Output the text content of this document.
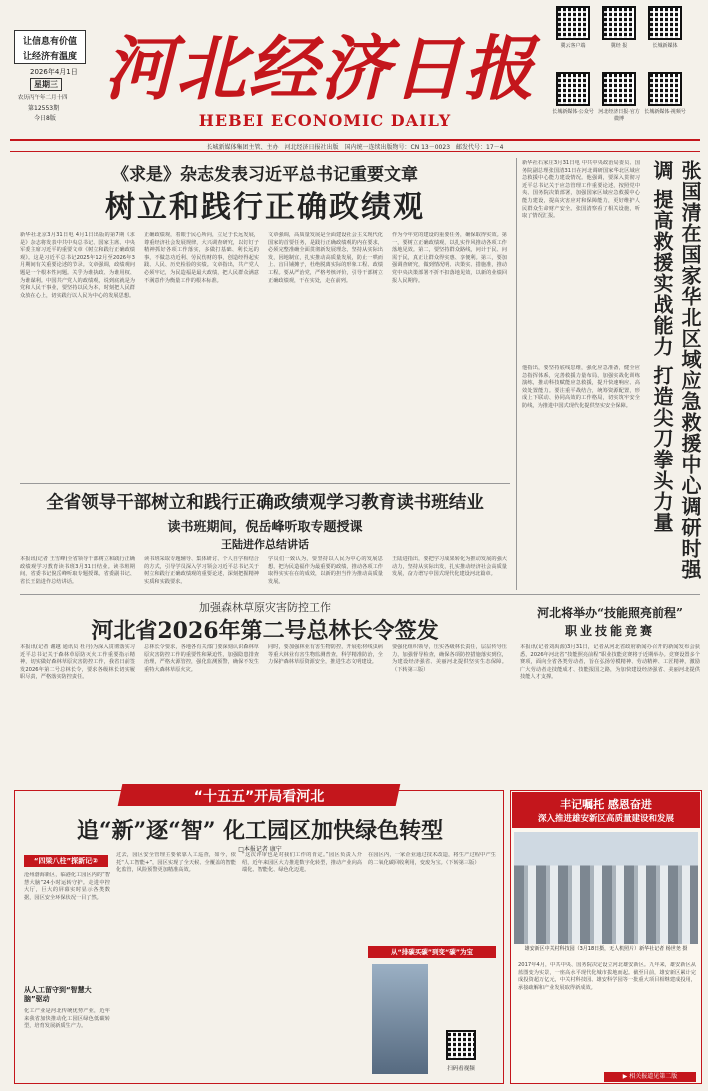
让信息有价值
让经济有温度
2026年4月1日
星期三
农历丙午年二月十四
第12553期
今日8版
河北经济日报
HEBEI ECONOMIC DAILY
冀云客户端	冀经 报	长城新媒体
长城新媒体·公众号 河北经济日报·官方微博
长城新媒体·视频号
长城新媒体集团主管、主办　河北经济日报社出版　国内统一连续出版物号：CN 13－0023　邮发代号：17－4
《求是》杂志发表习近平总书记重要文章
树立和践行正确政绩观
新华社北京3月31日电 4月1日出版的第7期《求是》杂志将发表中共中央总书记、国家主席、中央军委主席习近平的重要文章《树立和践行正确政绩观》。这是习近平总书记2025年12月至2026年3月期间有关重要论述的节录。文章强调，政绩观问题是一个根本性问题。关乎为谁执政、为谁用权、为谁谋利。中国共产党人的政绩观，说到底就是为党和人民干事业，要坚持以民为本，时刻把人民群众放在心上，切实践行以人民为中心的发展思想。
正确政绩观，着眼于民心所向，立足于长远发展，尊重经济社会发展规律，大兴调查研究，以钉钉子精神抓好各项工作落实，多做打基础、利长远的事，不做急功近利、劳民伤财的事，创造经得起实践、人民、历史检验的实绩。文章指出，共产党人必须牢记，为民造福是最大政绩，把人民群众满意不满意作为衡量工作的根本标准。
文章强调，高质量发展是全面建设社会主义现代化国家的首要任务，是践行正确政绩观的内在要求，必须完整准确全面贯彻新发展理念，坚持从实际出发，因地制宜，扎实推动高质量发展，防止一哄而上、盲目铺摊子，杜绝脱离实际的形象工程、政绩工程。要从严治党，严格考核评价，引导干部树立正确政绩观，干在实处，走在前列。
作为今年党的建设的重要任务，确保取得实效。第一，要树立正确政绩观，以扎实作风推动各项工作落地见效。第二，要坚持群众路线，问计于民、问需于民，真正让群众得实惠、享便利。第三，要加强调查研究，做到情况明、决策实、措施准，推动党中央决策部署不折不扣落地见效，以新的业绩回报人民期待。
新华社石家庄3月31日电 中共中央政治局委员、国务院副总理张国清31日在河北调研国家华北区域应急救援中心能力建设情况。他强调，要深入贯彻习近平总书记关于应急管理工作重要论述，按照党中央、国务院决策部署，加强国家区域应急救援中心能力建设，提高灾害应对和保障能力，更好维护人民群众生命财产安全。张国清察看了相关设施，听取了情况汇报。
他指出，要坚持底线思维，强化应急准备，健全应急指挥体系，完善救援力量布局，加强实战化训练演练，推动科技赋能应急救援，提升快速响应、高效处置能力。要注重平战结合，统筹资源配置，形成上下联动、协同高效的工作格局，切实筑牢安全防线，为推进中国式现代化提供坚实安全保障。	张国清在国家华北区域应急救援中心调研时强调 提高救援实战能力 打造尖刀拳头力量
全省领导干部树立和践行正确政绩观学习教育读书班结业
读书班期间，倪岳峰听取专题授课
王陆进作总结讲话
本报讯(记者 王雪峰)全省领导干部树立和践行正确政绩观学习教育读书班3月31日结业。读书班期间，省委书记倪岳峰听取专题授课。省委副书记、省长王陆进作总结讲话。
读书班采取专题辅导、集体研讨、个人自学相结合的方式，引导学员深入学习领会习近平总书记关于树立和践行正确政绩观的重要论述，深刻把握精神实质和实践要求。
学员们一致认为，要坚持以人民为中心的发展思想，把为民造福作为最重要的政绩，推动各项工作取得实实在在的成效，以新的担当作为推动高质量发展。
王陆进指出，要把学习成果转化为推动发展的强大动力，坚持从实际出发，扎实推动经济社会高质量发展，奋力谱写中国式现代化建设河北篇章。
加强森林草原灾害防控工作
河北省2026年第二号总林长令签发
本报讯(记者 谢越 通讯员 杜丹)为深入贯彻落实习近平总书记关于森林草原防灭火工作重要指示精神，切实做好森林草原灾害防控工作，我省日前签发2026年第二号总林长令，要求各级林长切实履职尽责，严格落实防控责任。
总林长令要求，各地各有关部门要深刻认识森林草原灾害防控工作的重要性和紧迫性，加强隐患排查治理，严格火源管控，强化监测预警，确保不发生重特大森林草原火灾。
同时，要加强林业有害生物防控，开展松材线虫病等重大林业有害生物监测普查，科学精准防治，全力保护森林草原资源安全，推进生态文明建设。
要强化组织领导，压实各级林长责任，层层传导压力，加强督导检查，确保各项防控措施落实到位，为建设经济强省、美丽河北提供坚实生态保障。（下转第三版）
河北将举办“技能照亮前程”
职业技能竞赛
本报讯(记者刘禹源)3月31日，记者从河北省政府新闻办召开的新闻发布会获悉，2026年河北省“技能照亮前程”职业技能竞赛将于近期举办。竞赛设置多个赛项，面向全省各类劳动者，旨在弘扬劳模精神、劳动精神、工匠精神，激励广大劳动者走技能成才、技能报国之路，为加快建设经济强省、美丽河北提供技能人才支撑。
“十五五”开局看河北
追“新”逐“智” 化工园区加快绿色转型
□本报记者 康宁
“四梁八柱”探新记②
沧州渤海新区，临港化工园区内的“智慧大脑”24小时运转守护。走进中控大厅，巨大的屏幕实时显示各类数据，园区安全环保状况一目了然。
从人工留守到“智慧大脑”驱动
化工产业是河北传统优势产业，近年来我省加快推动化工园区绿色低碳转型，培育发展新质生产力。
过去，园区安全管理主要依靠人工巡查，如今，依托“人工智能+”，园区实现了全天候、全覆盖的智能化监管，风险预警更加精准高效。
“这次评审也是对我们工作的肯定。”园区负责人介绍，近年来园区大力推进数字化转型，推动产业向高端化、智能化、绿色化迈进。
在园区内，一家企业通过技术改造，将生产过程中产生的二氧化碳回收利用，变废为宝。（下转第三版）
从“排碳买碳”到变“碳”为宝
扫码看视频
丰记嘱托 感恩奋进
深入推进雄安新区高质量建设和发展
雄安新区中关村科技园（3月18日摄，无人机照片）新华社记者 杨世尧 摄
2017年4月，中共中央、国务院决定设立河北雄安新区。九年来，雄安新区从蓝图变为实景，一座高水平现代化城市拔地而起。截至目前，雄安新区累计完成投资超万亿元，中关村科技园、雄安科学园等一批重大项目相继建成投用，承接疏解和产业发展取得新成效。
▶ 相关报道见第二版
